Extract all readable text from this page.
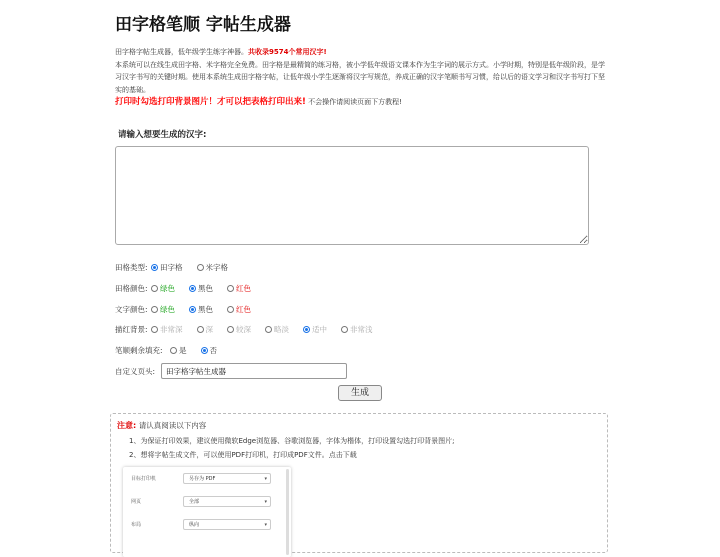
田字格笔顺 字帖生成器

田字格字帖生成器，低年级学生练字神器。共收录9574个常用汉字!

本系统可以在线生成田字格、米字格完全免费。田字格是最精简的练习格，被小学低年级语文课本作为生字词的展示方式。小学时期，特别是低年级阶段，是学习汉字书写的关键时期。使用本系统生成田字格字帖，让低年级小学生逐渐将汉字写规范，养成正确的汉字笔顺书写习惯，给以后的语文学习和汉字书写打下坚实的基础。

打印时勾选打印背景图片！才可以把表格打印出来! 不会操作请阅读页面下方教程!

请输入想要生成的汉字:
田格类型:	田字格	米字格
田格颜色:	绿色	黑色	红色
文字颜色:	绿色	黑色	红色
描红背景:	非常深	深	较深	略淡	适中	非常浅
笔顺剩余填充:	是	否
自定义页头:
田字格字帖生成器
生成
注意: 请认真阅读以下内容
1、为保证打印效果，建议使用微软Edge浏览器、谷歌浏览器，字体为楷体，打印设置勾选打印背景图片;
2、想将字帖生成文件，可以使用PDF打印机，打印成PDF文件。点击下载
目标打印机	另存为 PDF	▾
网页	全部	▾
布局	纵向	▾
